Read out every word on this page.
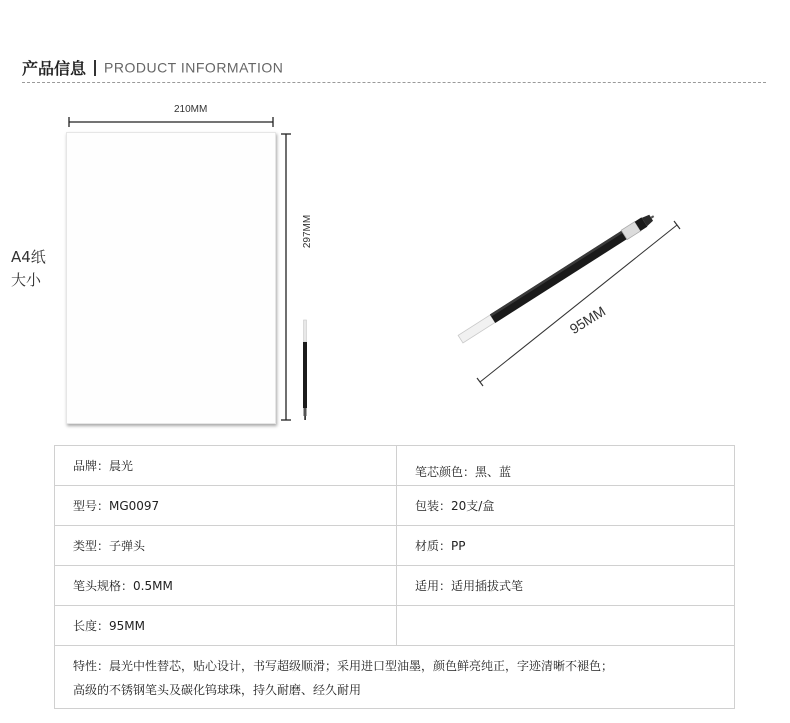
产品信息 PRODUCT INFORMATION
A4纸
大小
210MM
297MM
95MM
品牌：晨光	笔芯颜色：黑、蓝
型号：MG0097	包装：20支/盒
类型：子弹头	材质：PP
笔头规格：0.5MM	适用：适用插拔式笔
长度：95MM	

特性：晨光中性替芯，贴心设计，书写超级顺滑；采用进口型油墨，颜色鲜亮纯正，字迹清晰不褪色；
高级的不锈钢笔头及碳化钨球珠，持久耐磨、经久耐用	
